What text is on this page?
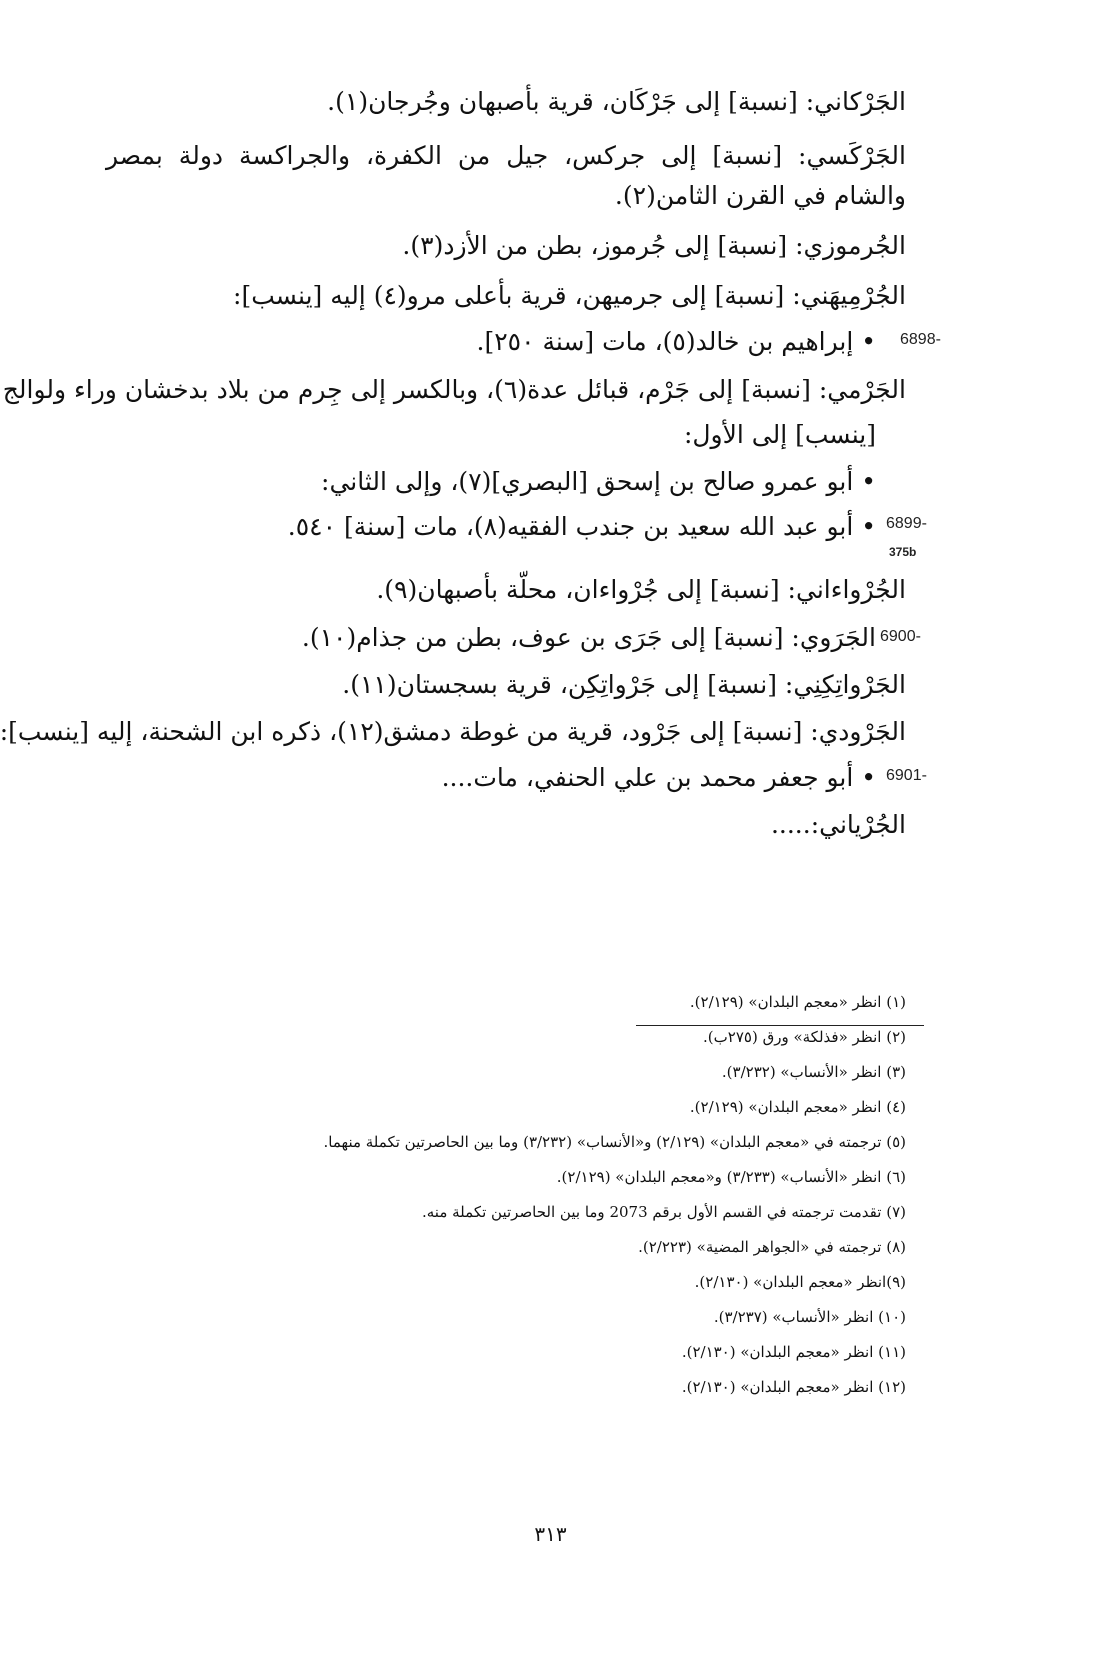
الجَرْكاني: [نسبة] إلى جَرْكَان، قرية بأصبهان وجُرجان(١).
الجَرْكَسي: [نسبة] إلى جركس، جيل من الكفرة، والجراكسة دولة بمصر والشام في القرن الثامن(٢).
الجُرموزي: [نسبة] إلى جُرموز، بطن من الأزد(٣).
الجُرْمِيهَني: [نسبة] إلى جرميهن، قرية بأعلى مرو(٤) إليه [ينسب]:
6898-
• إبراهيم بن خالد(٥)، مات [سنة ٢٥٠].
الجَرْمي: [نسبة] إلى جَرْم، قبائل عدة(٦)، وبالكسر إلى جِرم من بلاد بدخشان وراء ولوالج
[ينسب] إلى الأول:
• أبو عمرو صالح بن إسحق [البصري](٧)، وإلى الثاني:
6899-
• أبو عبد الله سعيد بن جندب الفقيه(٨)، مات [سنة] ٥٤٠.
375b
الجُرْواءاني: [نسبة] إلى جُرْواءان، محلّة بأصبهان(٩).
6900-
الجَرَوي: [نسبة] إلى جَرَى بن عوف، بطن من جذام(١٠).
الجَرْواتِكِنِي: [نسبة] إلى جَرْواتِكِن، قرية بسجستان(١١).
الجَرْودي: [نسبة] إلى جَرْود، قرية من غوطة دمشق(١٢)، ذكره ابن الشحنة، إليه [ينسب]:
6901-
• أبو جعفر محمد بن علي الحنفي، مات....
الجُرْياني:.....
(١) انظر «معجم البلدان» (٢/١٢٩).
(٢) انظر «فذلكة» ورق (٢٧٥ب).
(٣) انظر «الأنساب» (٣/٢٣٢).
(٤) انظر «معجم البلدان» (٢/١٢٩).
(٥) ترجمته في «معجم البلدان» (٢/١٢٩) و«الأنساب» (٣/٢٣٢) وما بين الحاصرتين تكملة منهما.
(٦) انظر «الأنساب» (٣/٢٣٣) و«معجم البلدان» (٢/١٢٩).
(٧) تقدمت ترجمته في القسم الأول برقم 2073 وما بين الحاصرتين تكملة منه.
(٨) ترجمته في «الجواهر المضية» (٢/٢٢٣).
(٩)انظر «معجم البلدان» (٢/١٣٠).
(١٠) انظر «الأنساب» (٣/٢٣٧).
(١١) انظر «معجم البلدان» (٢/١٣٠).
(١٢) انظر «معجم البلدان» (٢/١٣٠).
٣١٣
